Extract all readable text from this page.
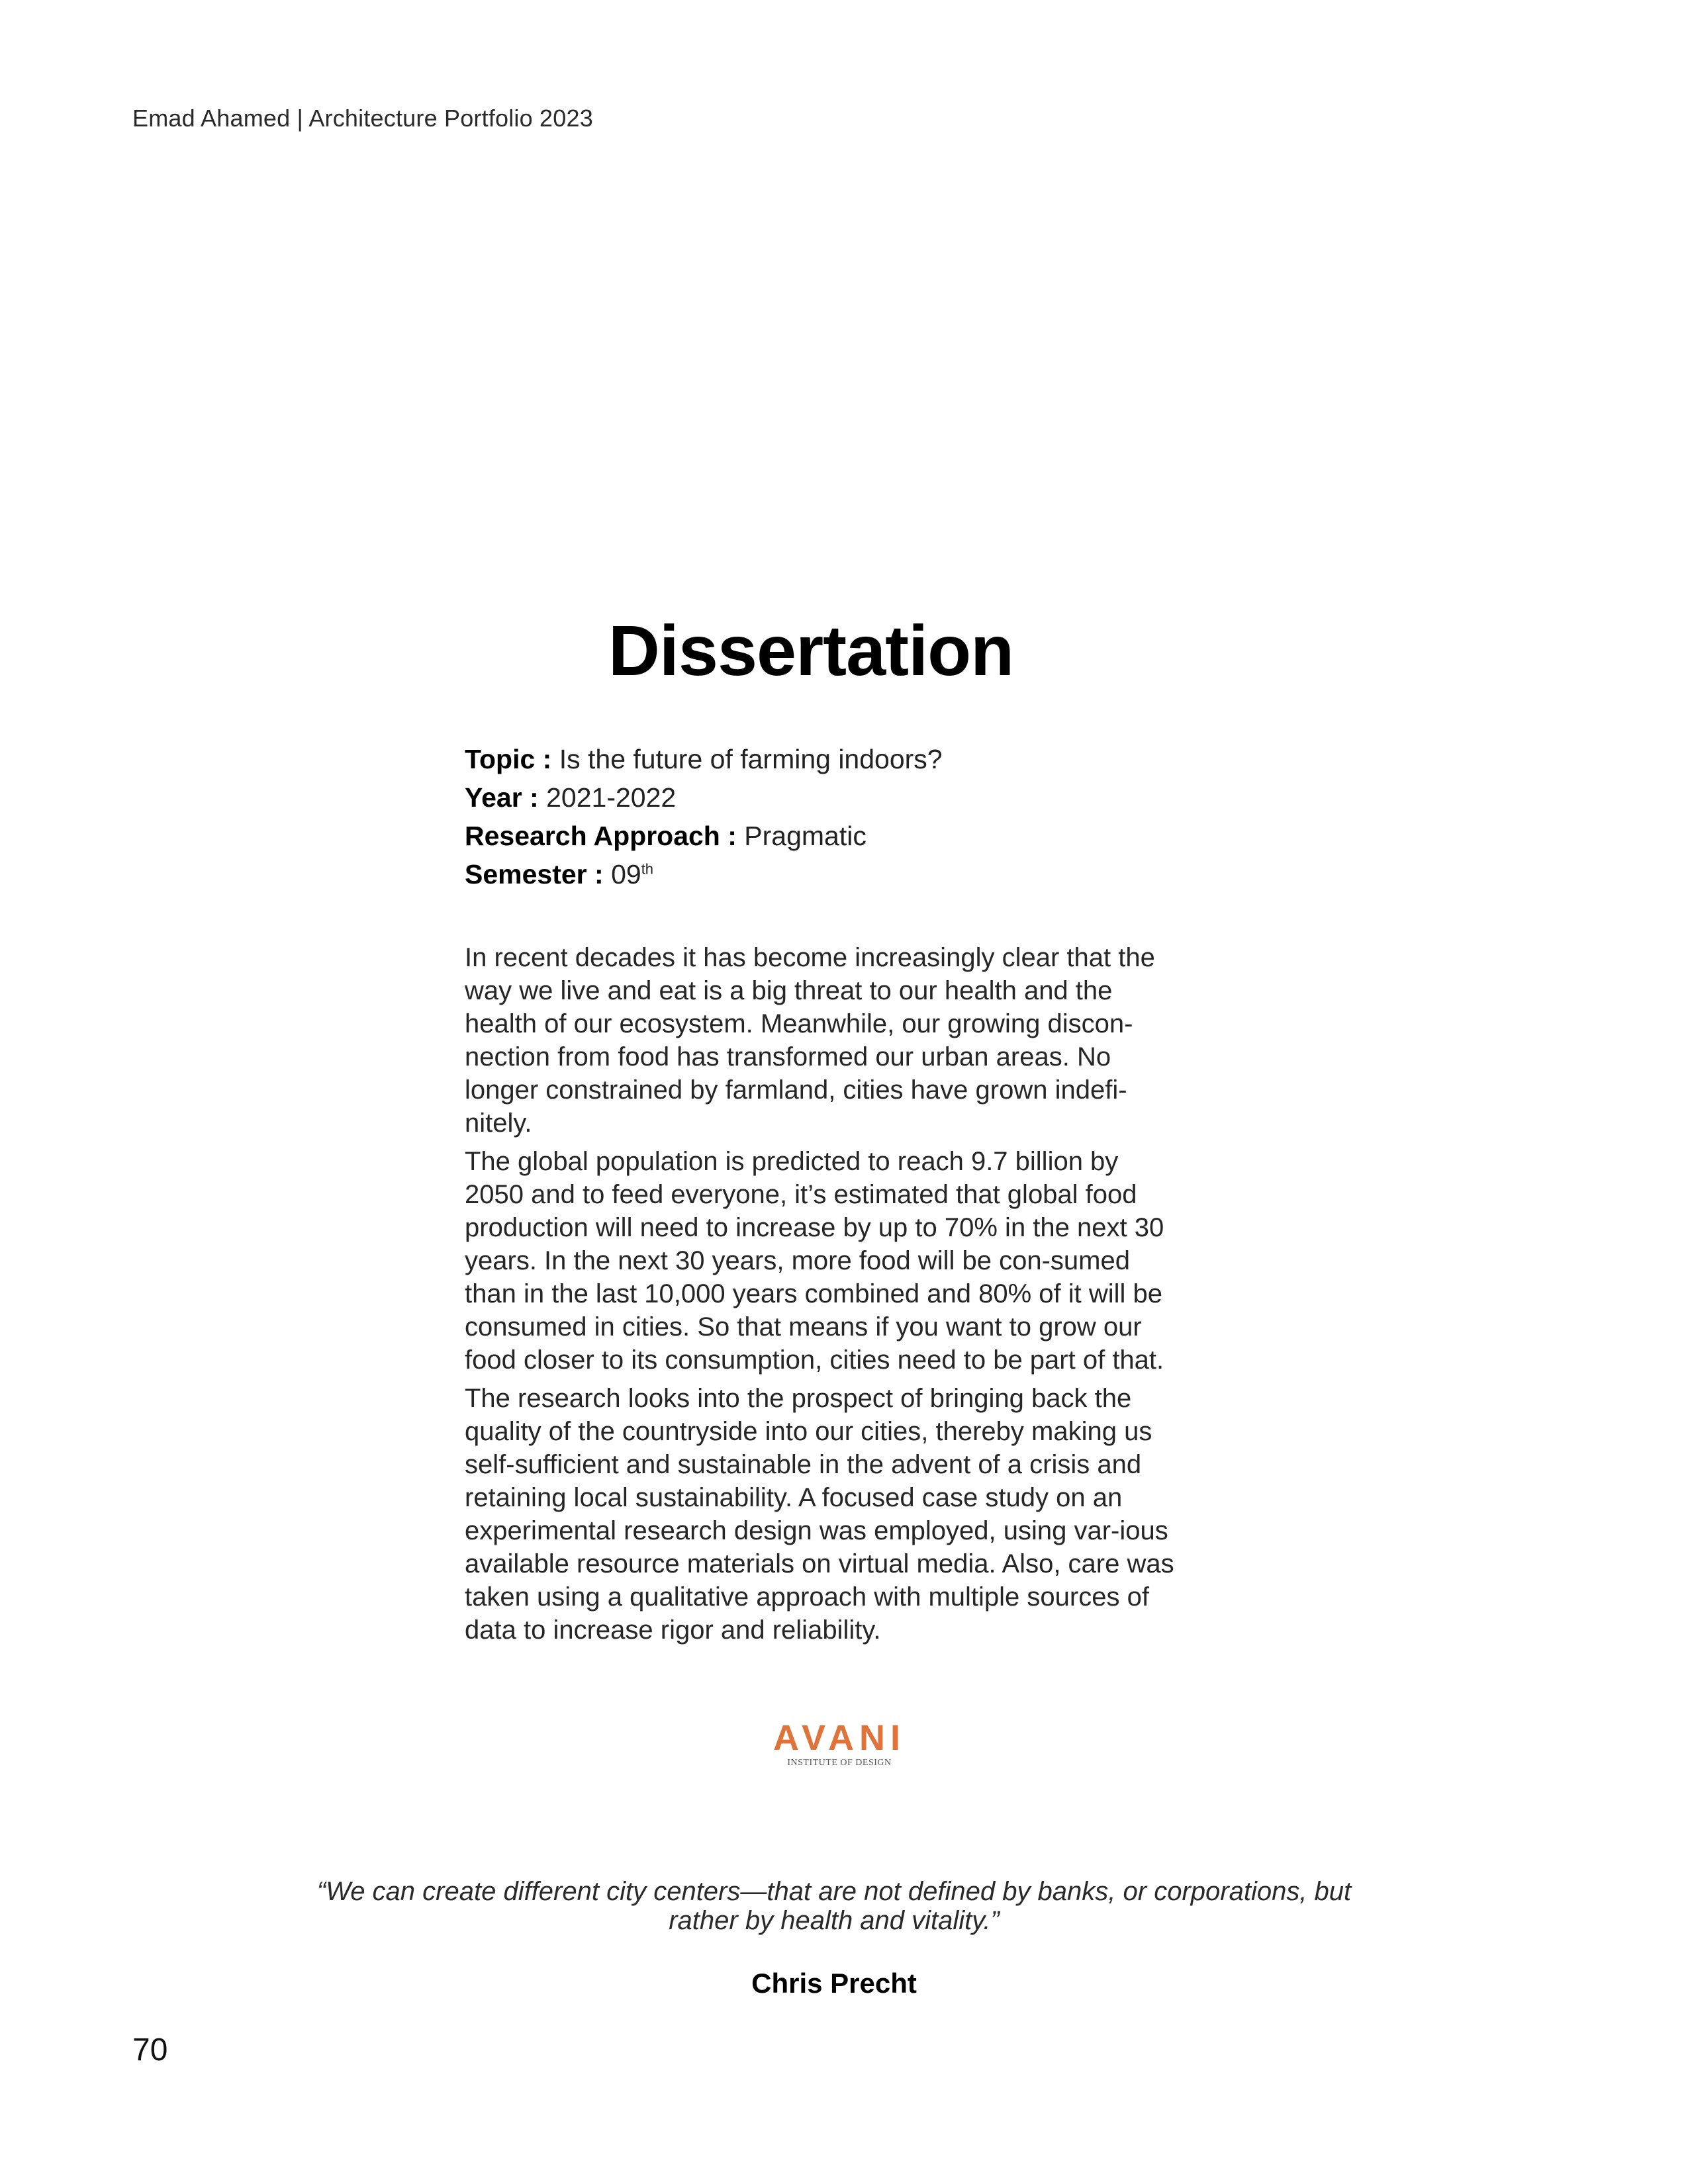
Emad Ahamed | Architecture Portfolio 2023
Dissertation
Topic : Is the future of farming indoors?
Year : 2021-2022
Research Approach : Pragmatic
Semester : 09th

In recent decades it has become increasingly clear that the way we live and eat is a big threat to our health and the health of our ecosystem. Meanwhile, our growing discon-nection from food has transformed our urban areas. No longer constrained by farmland, cities have grown indefi-nitely.

The global population is predicted to reach 9.7 billion by 2050 and to feed everyone, it’s estimated that global food production will need to increase by up to 70% in the next 30 years. In the next 30 years, more food will be con-sumed than in the last 10,000 years combined and 80% of it will be consumed in cities. So that means if you want to grow our food closer to its consumption, cities need to be part of that.

The research looks into the prospect of bringing back the quality of the countryside into our cities, thereby making us self-sufficient and sustainable in the advent of a crisis and retaining local sustainability. A focused case study on an experimental research design was employed, using var-ious available resource materials on virtual media. Also, care was taken using a qualitative approach with multiple sources of data to increase rigor and reliability.

AVANI
INSTITUTE OF DESIGN
“We can create different city centers—that are not defined by banks, or corporations, but rather by health and vitality.”
Chris Precht
70
